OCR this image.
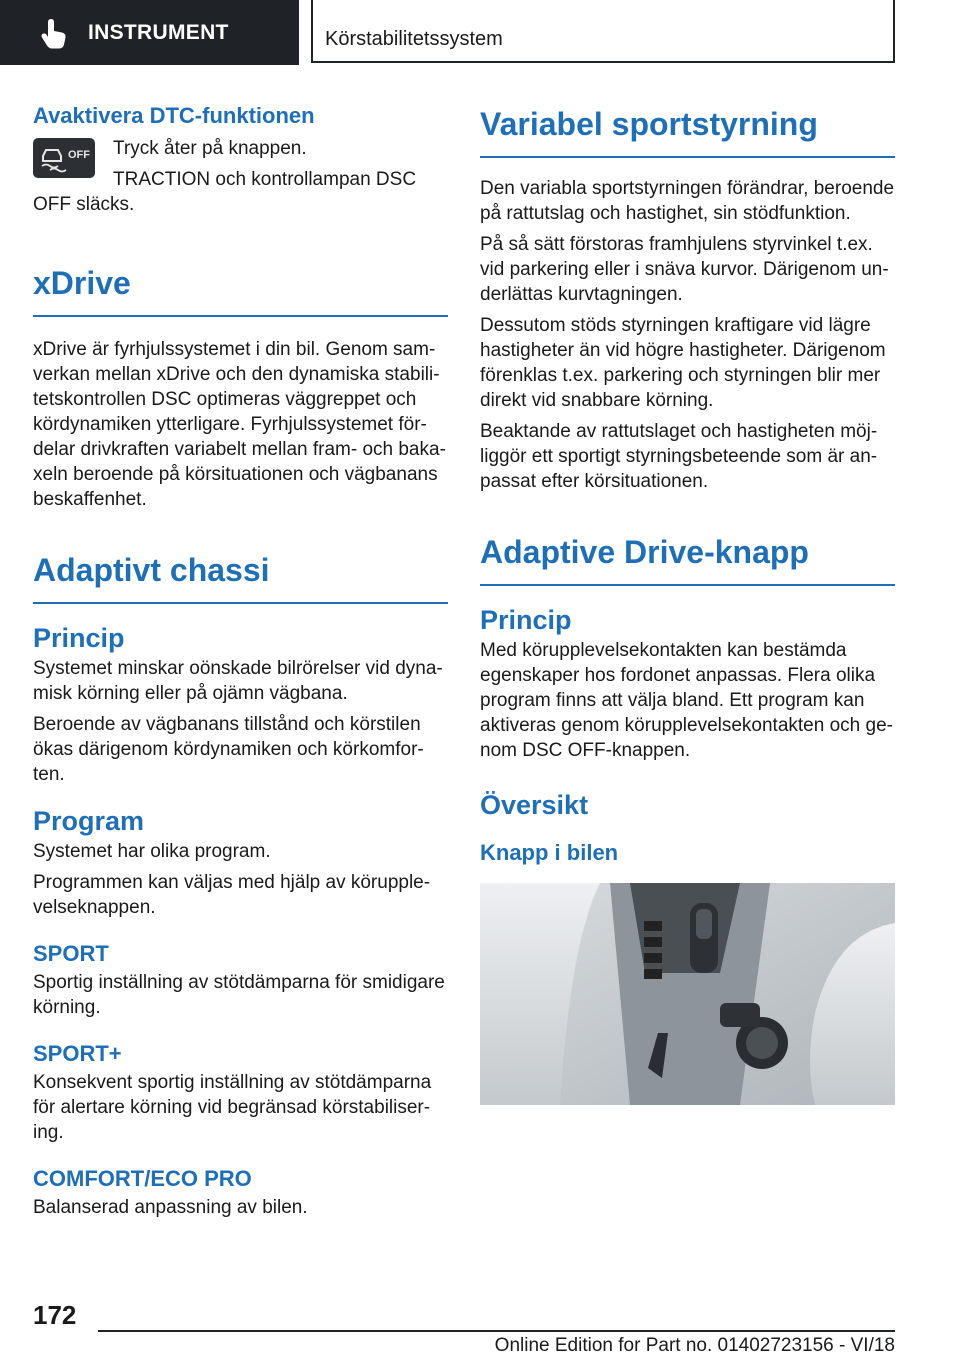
INSTRUMENT	Körstabilitetssystem
Avaktivera DTC-funktionen
OFF Tryck åter på knappen.

TRACTION och kontrollampan DSC

OFF släcks.

xDrive

xDrive är fyrhjulssystemet i din bil. Genom samverkan mellan xDrive och den dynamiska stabilitetskontrollen DSC optimeras väggreppet och kördynamiken ytterligare. Fyrhjulssystemet fördelar drivkraften variabelt mellan fram- och bakaxeln beroende på körsituationen och vägbanans beskaffenhet.

Adaptivt chassi
Princip

Systemet minskar oönskade bilrörelser vid dynamisk körning eller på ojämn vägbana.

Beroende av vägbanans tillstånd och körstilen ökas därigenom kördynamiken och körkomforten.

Program

Systemet har olika program.

Programmen kan väljas med hjälp av körupplevelseknappen.

SPORT

Sportig inställning av stötdämparna för smidigare körning.

SPORT+

Konsekvent sportig inställning av stötdämparna för alertare körning vid begränsad körstabilisering.

COMFORT/ECO PRO

Balanserad anpassning av bilen.

Variabel sportstyrning

Den variabla sportstyrningen förändrar, beroende på rattutslag och hastighet, sin stödfunktion.

På så sätt förstoras framhjulens styrvinkel t.ex. vid parkering eller i snäva kurvor. Därigenom underlättas kurvtagningen.

Dessutom stöds styrningen kraftigare vid lägre hastigheter än vid högre hastigheter. Därigenom förenklas t.ex. parkering och styrningen blir mer direkt vid snabbare körning.

Beaktande av rattutslaget och hastigheten möjliggör ett sportigt styrningsbeteende som är anpassat efter körsituationen.

Adaptive Drive-knapp
Princip

Med körupplevelsekontakten kan bestämda egenskaper hos fordonet anpassas. Flera olika program finns att välja bland. Ett program kan aktiveras genom körupplevelsekontakten och genom DSC OFF-knappen.

Översikt
Knapp i bilen
172
Online Edition for Part no. 01402723156 - VI/18
